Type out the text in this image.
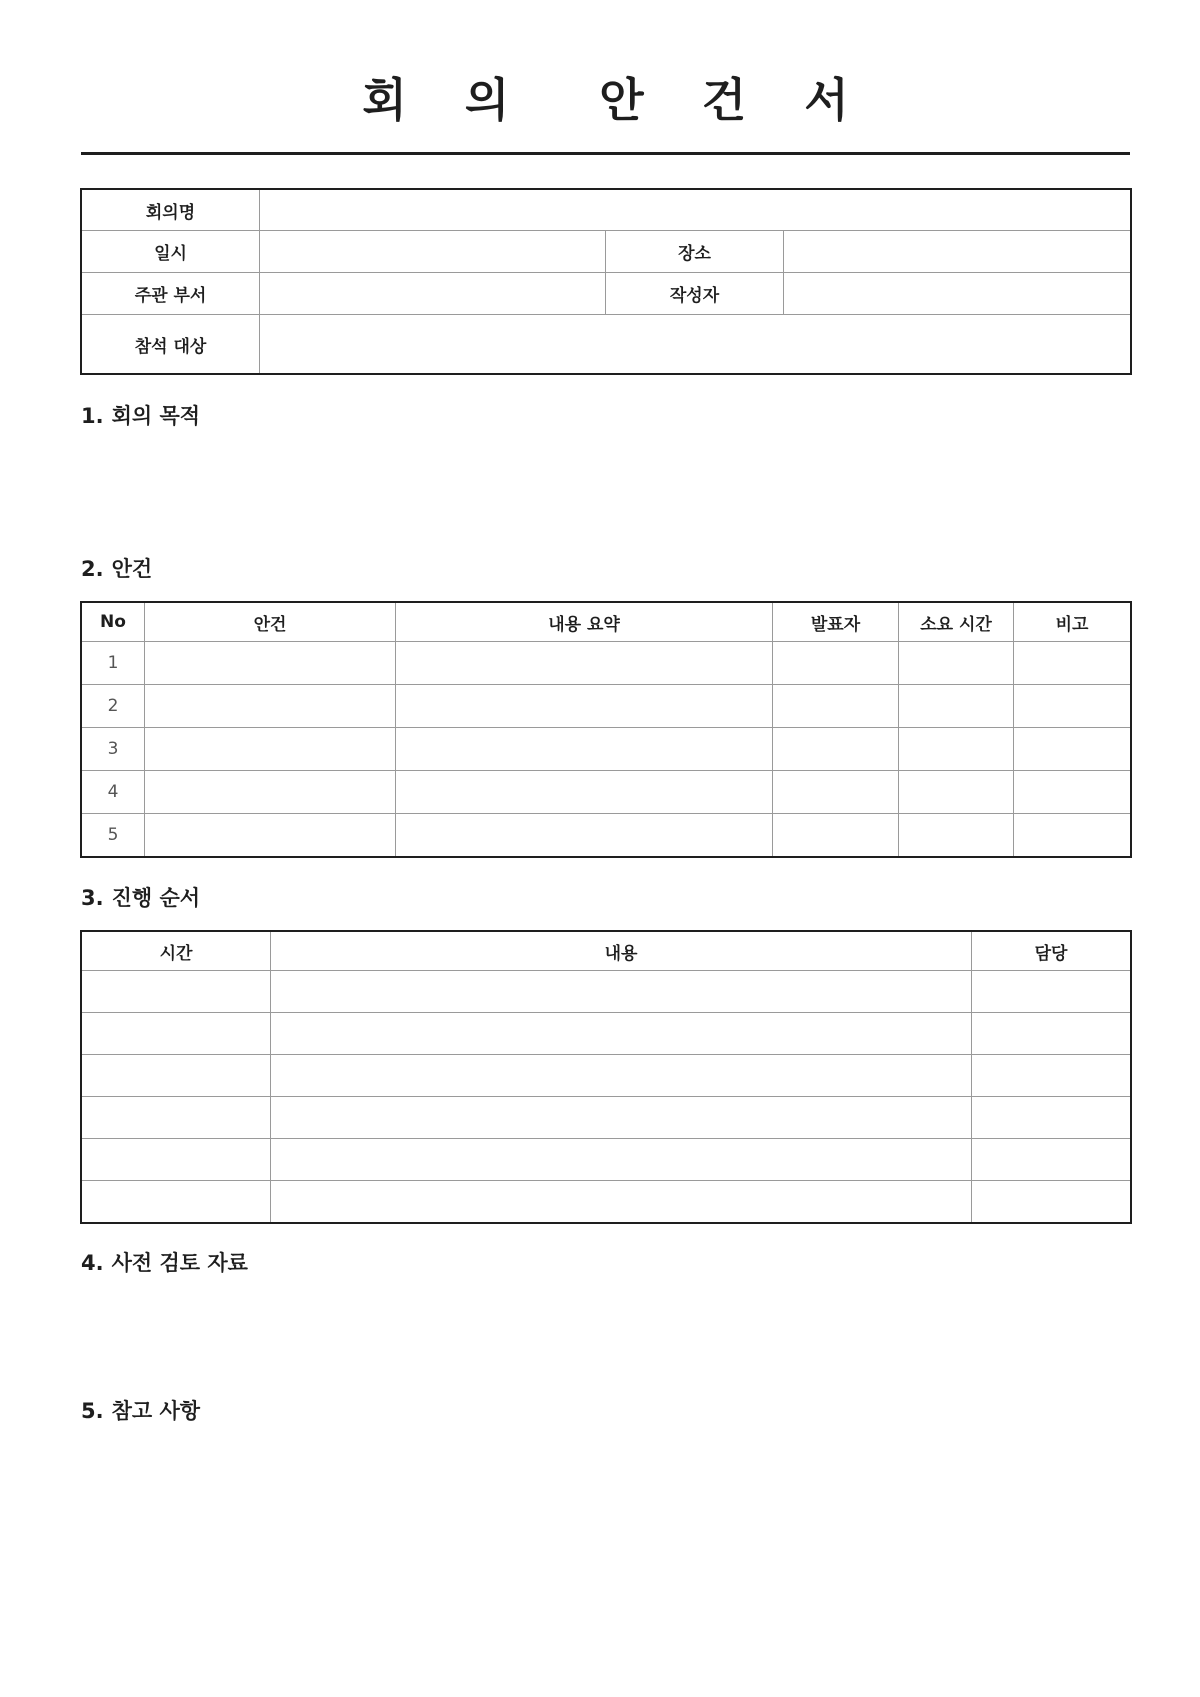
회 의 안 건 서
회의명			
일시		장소	
주관 부서		작성자	
참석 대상			
1. 회의 목적
2. 안건
No	안건	내용 요약	발표자	소요 시간	비고
1					
2					
3					
4					
5					
3. 진행 순서
시간	내용	담당

4. 사전 검토 자료
5. 참고 사항
